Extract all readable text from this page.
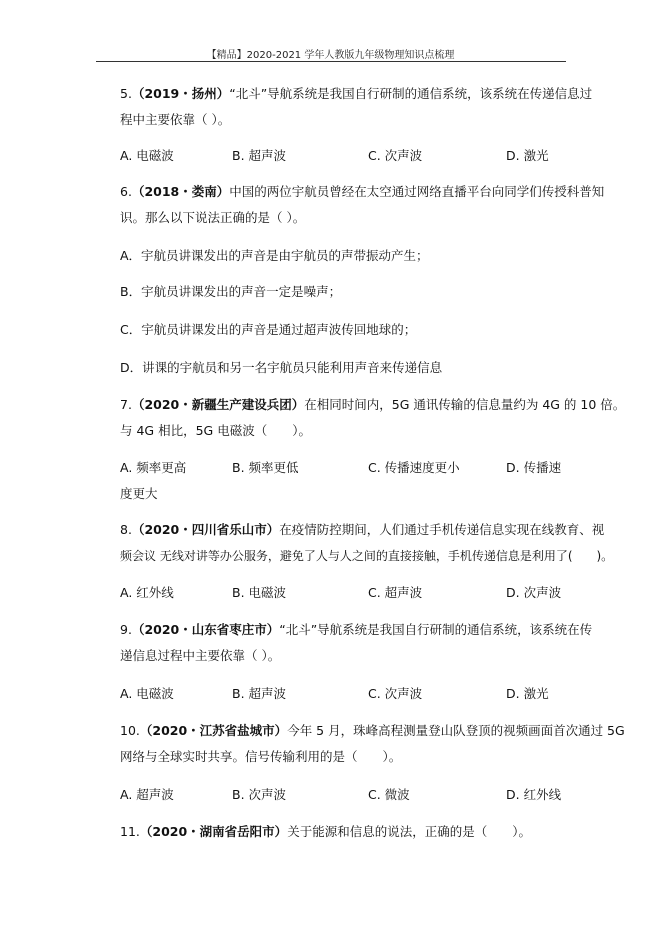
【精品】2020-2021 学年人教版九年级物理知识点梳理
5.（2019・扬州）“北斗”导航系统是我国自行研制的通信系统，该系统在传递信息过
程中主要依靠（ ）。
A. 电磁波	B. 超声波	C. 次声波	D. 激光
6.（2018・娄南）中国的两位宇航员曾经在太空通过网络直播平台向同学们传授科普知
识。那么以下说法正确的是（ ）。
A．宇航员讲课发出的声音是由宇航员的声带振动产生；
B．宇航员讲课发出的声音一定是噪声；
C．宇航员讲课发出的声音是通过超声波传回地球的；
D．讲课的宇航员和另一名宇航员只能利用声音来传递信息
7.（2020・新疆生产建设兵团）在相同时间内，5G 通讯传输的信息量约为 4G 的 10 倍。
与 4G 相比，5G 电磁波（　　）。
A. 频率更高	B. 频率更低	C. 传播速度更小	D. 传播速
度更大
8.（2020・四川省乐山市）在疫情防控期间，人们通过手机传递信息实现在线教育、视
频会议 无线对讲等办公服务，避免了人与人之间的直接接触，手机传递信息是利用了(　　)。
A. 红外线	B. 电磁波	C. 超声波	D. 次声波
9.（2020・山东省枣庄市）“北斗”导航系统是我国自行研制的通信系统，该系统在传
递信息过程中主要依靠（ ）。
A. 电磁波	B. 超声波	C. 次声波	D. 激光
10.（2020・江苏省盐城市）今年 5 月，珠峰高程测量登山队登顶的视频画面首次通过 5G
网络与全球实时共享。信号传输利用的是（　　）。
A. 超声波	B. 次声波	C. 微波	D. 红外线
11.（2020・湖南省岳阳市）关于能源和信息的说法，正确的是（　　）。
